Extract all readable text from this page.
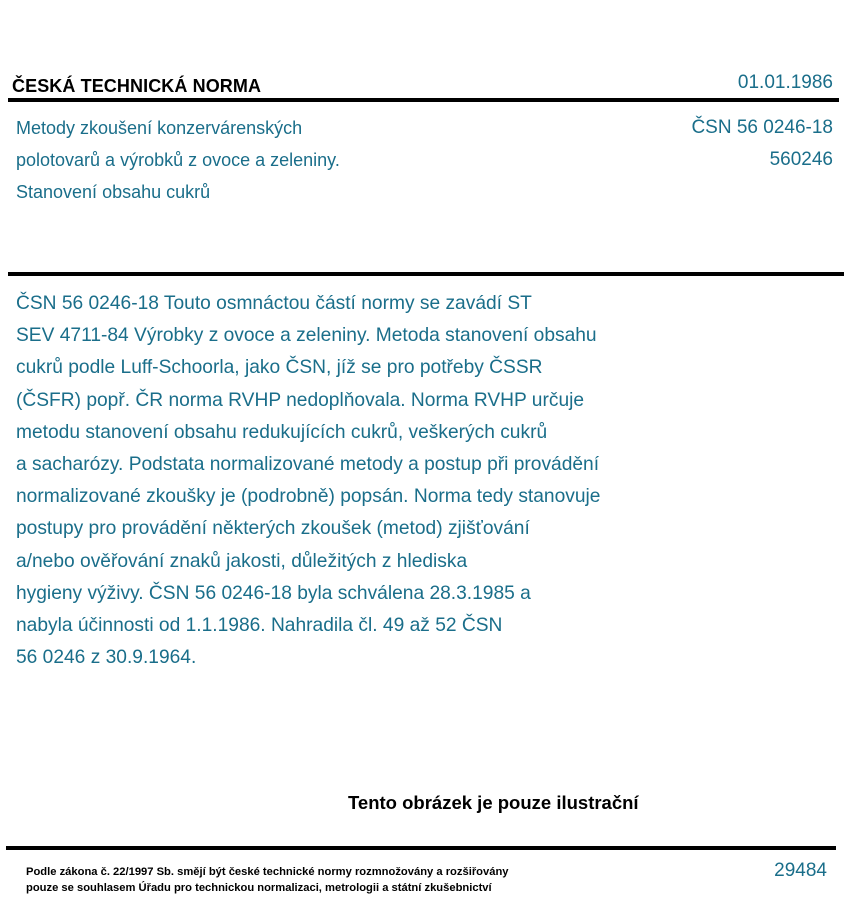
ČESKÁ TECHNICKÁ NORMA	01.01.1986
Metody zkoušení konzervárenských
polotovarů a výrobků z ovoce a zeleniny.
Stanovení obsahu cukrů
ČSN 56 0246-18
560246
ČSN 56 0246-18 Touto osmnáctou částí normy se zavádí ST
SEV 4711-84 Výrobky z ovoce a zeleniny. Metoda stanovení obsahu
cukrů podle Luff-Schoorla, jako ČSN, jíž se pro potřeby ČSSR
(ČSFR) popř. ČR norma RVHP nedoplňovala. Norma RVHP určuje
metodu stanovení obsahu redukujících cukrů, veškerých cukrů
a sacharózy. Podstata normalizované metody a postup při provádění
normalizované zkoušky je (podrobně) popsán. Norma tedy stanovuje
postupy pro provádění některých zkoušek (metod) zjišťování
a/nebo ověřování znaků jakosti, důležitých z hlediska
hygieny výživy. ČSN 56 0246-18 byla schválena 28.3.1985 a
nabyla účinnosti od 1.1.1986. Nahradila čl. 49 až 52 ČSN
56 0246 z 30.9.1964.
Tento obrázek je pouze ilustrační
Podle zákona č. 22/1997 Sb. smějí být české technické normy rozmnožovány a rozšiřovány
pouze se souhlasem Úřadu pro technickou normalizaci, metrologii a státní zkušebnictví
29484
